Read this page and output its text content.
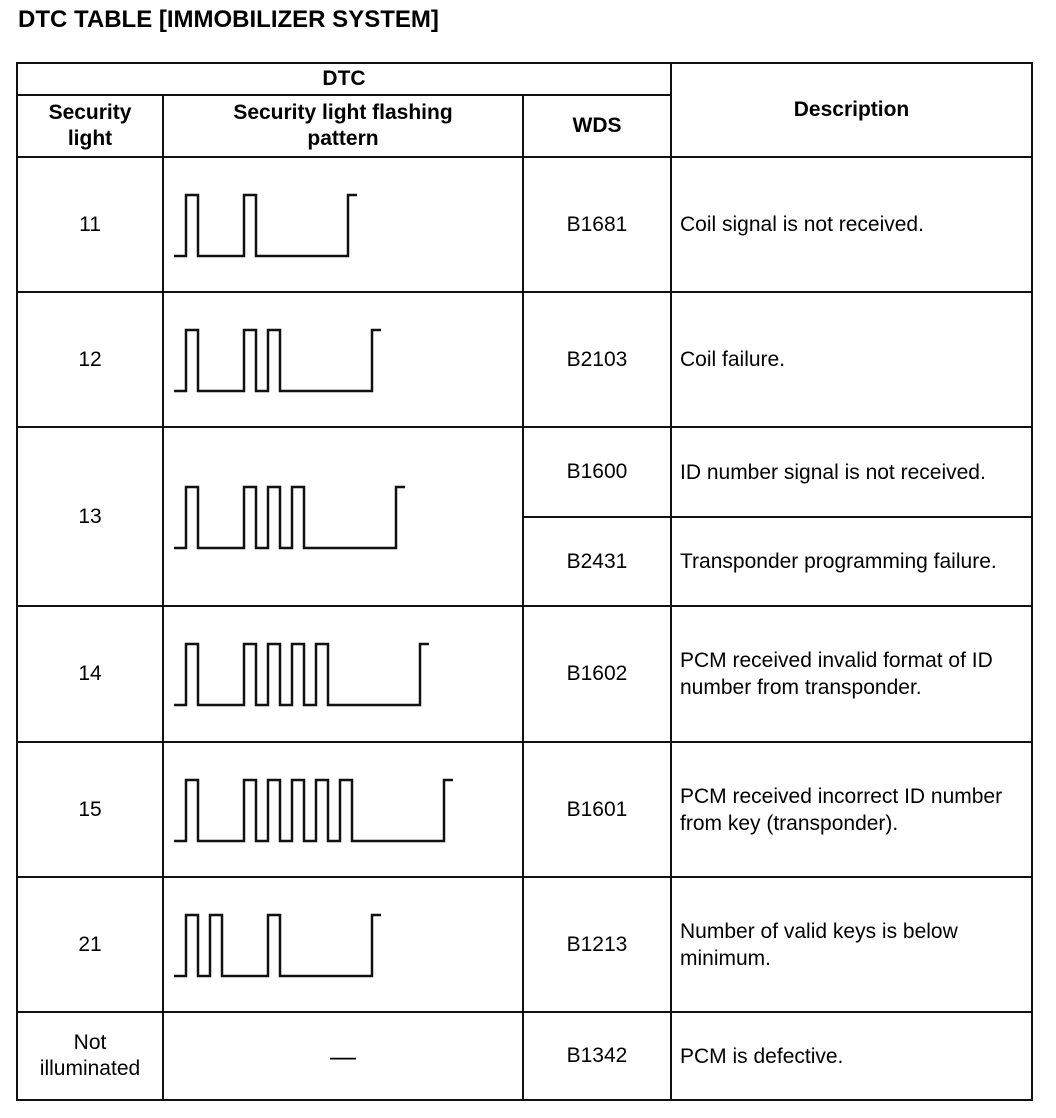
DTC TABLE [IMMOBILIZER SYSTEM]
DTC			Description

Security light	Security light flashing pattern	WDS	
11		B1681	Coil signal is not received.
12		B2103	Coil failure.
13		B1600	ID number signal is not received.
		B2431	Transponder programming failure.
14		B1602	PCM received invalid format of ID number from transponder.
15		B1601	PCM received incorrect ID number from key (transponder).
21		B1213	Number of valid keys is below minimum.

Not illuminated	—	B1342	PCM is defective.
